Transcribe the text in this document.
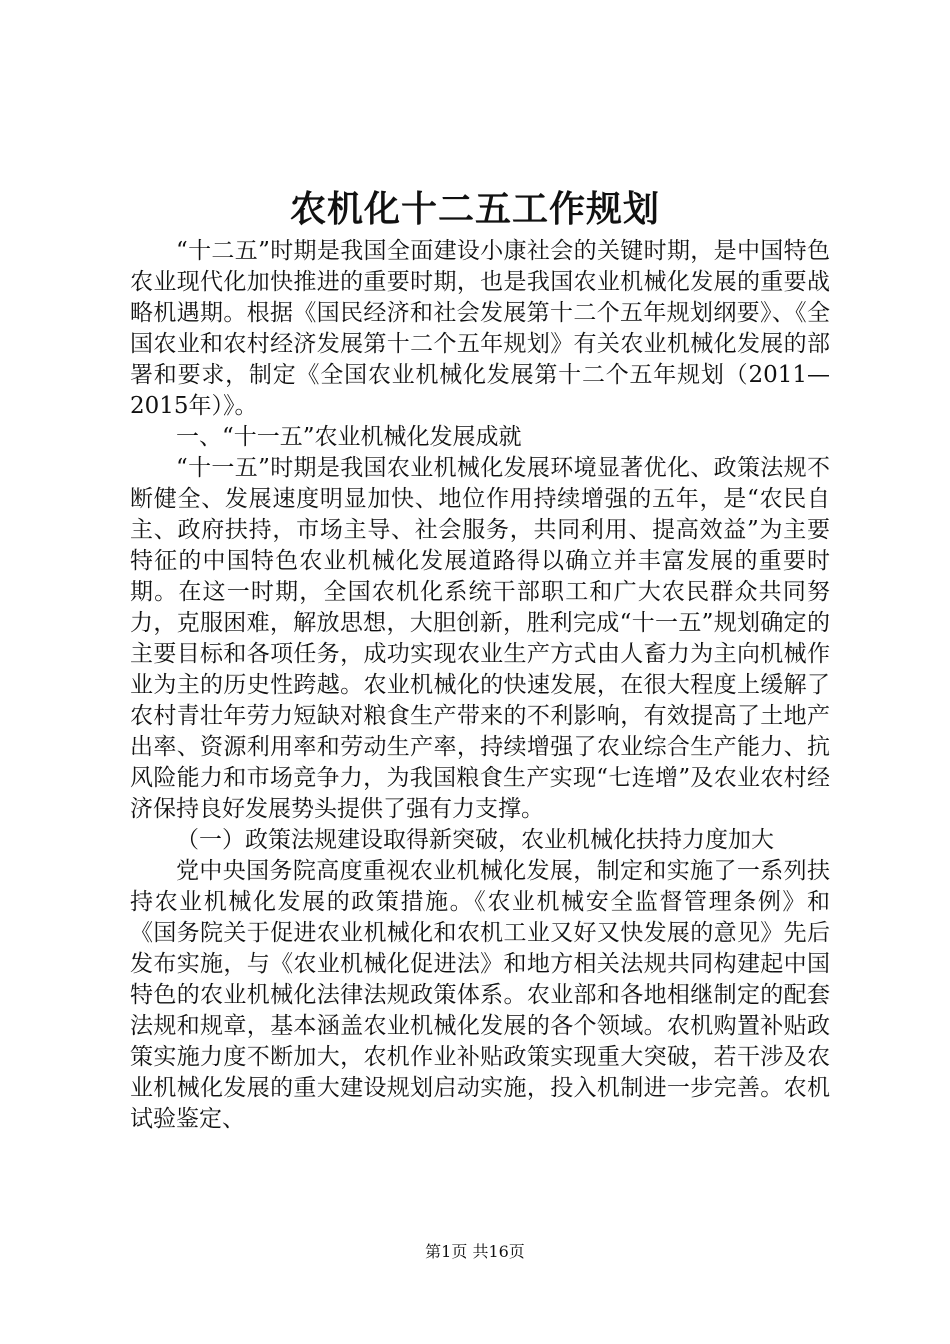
农机化十二五工作规划

“十二五”时期是我国全面建设小康社会的关键时期，是中国特色农业现代化加快推进的重要时期，也是我国农业机械化发展的重要战略机遇期。根据《国民经济和社会发展第十二个五年规划纲要》、《全国农业和农村经济发展第十二个五年规划》有关农业机械化发展的部署和要求，制定《全国农业机械化发展第十二个五年规划（2011—2015年）》。

一、“十一五”农业机械化发展成就

“十一五”时期是我国农业机械化发展环境显著优化、政策法规不断健全、发展速度明显加快、地位作用持续增强的五年，是“农民自主、政府扶持，市场主导、社会服务，共同利用、提高效益”为主要特征的中国特色农业机械化发展道路得以确立并丰富发展的重要时期。在这一时期，全国农机化系统干部职工和广大农民群众共同努力，克服困难，解放思想，大胆创新，胜利完成“十一五”规划确定的主要目标和各项任务，成功实现农业生产方式由人畜力为主向机械作业为主的历史性跨越。农业机械化的快速发展，在很大程度上缓解了农村青壮年劳力短缺对粮食生产带来的不利影响，有效提高了土地产出率、资源利用率和劳动生产率，持续增强了农业综合生产能力、抗风险能力和市场竞争力，为我国粮食生产实现“七连增”及农业农村经济保持良好发展势头提供了强有力支撑。

（一）政策法规建设取得新突破，农业机械化扶持力度加大

党中央国务院高度重视农业机械化发展，制定和实施了一系列扶持农业机械化发展的政策措施。《农业机械安全监督管理条例》和《国务院关于促进农业机械化和农机工业又好又快发展的意见》先后发布实施，与《农业机械化促进法》和地方相关法规共同构建起中国特色的农业机械化法律法规政策体系。农业部和各地相继制定的配套法规和规章，基本涵盖农业机械化发展的各个领域。农机购置补贴政策实施力度不断加大，农机作业补贴政策实现重大突破，若干涉及农业机械化发展的重大建设规划启动实施，投入机制进一步完善。农机试验鉴定、

第1页 共16页
